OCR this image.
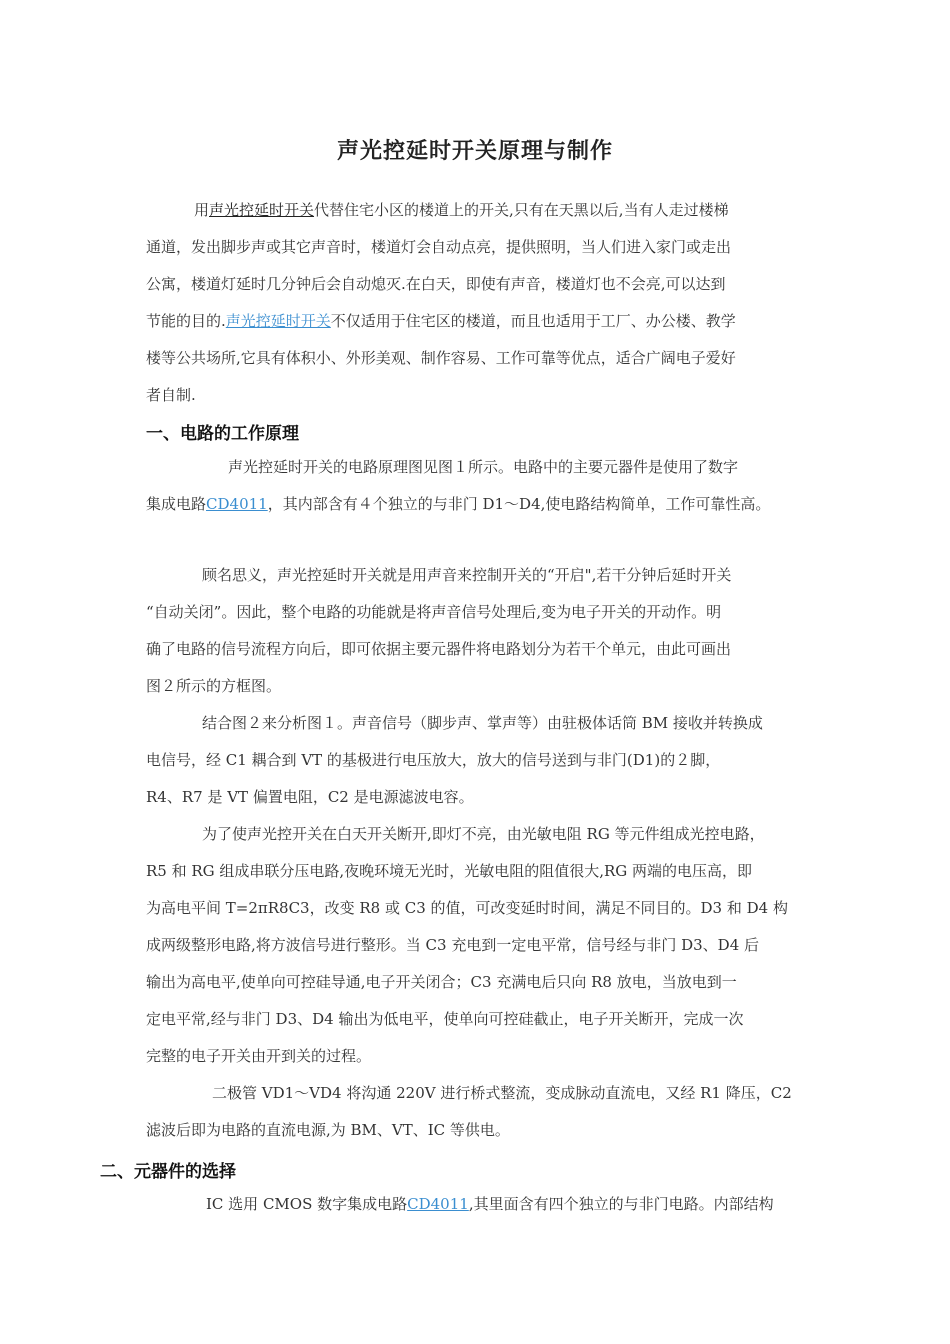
声光控延时开关原理与制作
用声光控延时开关代替住宅小区的楼道上的开关,只有在天黑以后,当有人走过楼梯
通道，发出脚步声或其它声音时，楼道灯会自动点亮，提供照明，当人们进入家门或走出
公寓，楼道灯延时几分钟后会自动熄灭.在白天，即使有声音，楼道灯也不会亮,可以达到
节能的目的.声光控延时开关不仅适用于住宅区的楼道，而且也适用于工厂、办公楼、教学
楼等公共场所,它具有体积小、外形美观、制作容易、工作可靠等优点，适合广阔电子爱好
者自制.
一、电路的工作原理
声光控延时开关的电路原理图见图１所示。电路中的主要元器件是使用了数字
集成电路CD4011，其内部含有４个独立的与非门 D1～D4,使电路结构简单，工作可靠性高。
顾名思义，声光控延时开关就是用声音来控制开关的“开启",若干分钟后延时开关
“自动关闭”。因此，整个电路的功能就是将声音信号处理后,变为电子开关的开动作。明
确了电路的信号流程方向后，即可依据主要元器件将电路划分为若干个单元，由此可画出
图２所示的方框图。
结合图２来分析图１。声音信号（脚步声、掌声等）由驻极体话筒 BM 接收并转换成
电信号，经 C1 耦合到 VT 的基极进行电压放大，放大的信号送到与非门(D1)的２脚，
R4、R7 是 VT 偏置电阻，C2 是电源滤波电容。
为了使声光控开关在白天开关断开,即灯不亮，由光敏电阻 RG 等元件组成光控电路，
R5 和 RG 组成串联分压电路,夜晚环境无光时，光敏电阻的阻值很大,RG 两端的电压高，即
为高电平间 T=2πR8C3，改变 R8 或 C3 的值，可改变延时时间，满足不同目的。D3 和 D4 构
成两级整形电路,将方波信号进行整形。当 C3 充电到一定电平常，信号经与非门 D3、D4 后
输出为高电平,使单向可控硅导通,电子开关闭合；C3 充满电后只向 R8 放电，当放电到一
定电平常,经与非门 D3、D4 输出为低电平，使单向可控硅截止，电子开关断开，完成一次
完整的电子开关由开到关的过程。
二极管 VD1～VD4 将沟通 220V 进行桥式整流，变成脉动直流电，又经 R1 降压，C2
滤波后即为电路的直流电源,为 BM、VT、IC 等供电。
二、元器件的选择
IC 选用 CMOS 数字集成电路CD4011,其里面含有四个独立的与非门电路。内部结构
